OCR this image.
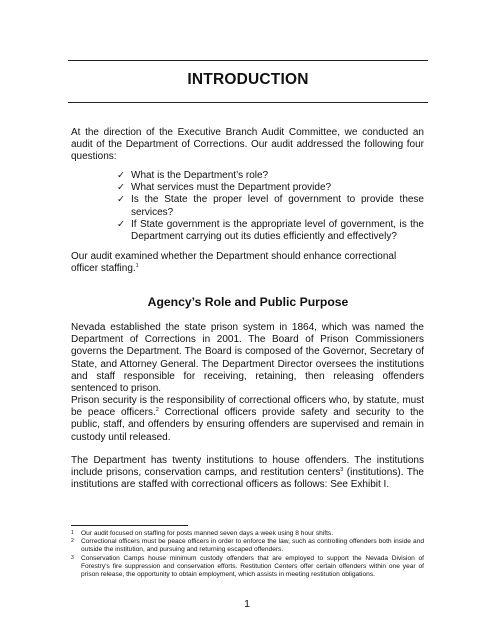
INTRODUCTION

At the direction of the Executive Branch Audit Committee, we conducted an audit of the Department of Corrections. Our audit addressed the following four questions:

✓ What is the Department’s role?
✓ What services must the Department provide?
✓ Is the State the proper level of government to provide these services?
✓ If State government is the appropriate level of government, is the Department carrying out its duties efficiently and effectively?

Our audit examined whether the Department should enhance correctional officer staffing.$^1$

Agency’s Role and Public Purpose

Nevada established the state prison system in 1864, which was named the Department of Corrections in 2001. The Board of Prison Commissioners governs the Department. The Board is composed of the Governor, Secretary of State, and Attorney General. The Department Director oversees the institutions and staff responsible for receiving, retaining, then releasing offenders sentenced to prison.

Prison security is the responsibility of correctional officers who, by statute, must be peace officers.$^2$ Correctional officers provide safety and security to the public, staff, and offenders by ensuring offenders are supervised and remain in custody until released.

The Department has twenty institutions to house offenders. The institutions include prisons, conservation camps, and restitution centers$^3$ (institutions). The institutions are staffed with correctional officers as follows: See Exhibit I.

1 Our audit focused on staffing for posts manned seven days a week using 8 hour shifts.
2 Correctional officers must be peace officers in order to enforce the law, such as controlling offenders both inside and outside the institution, and pursuing and returning escaped offenders.
3 Conservation Camps house minimum custody offenders that are employed to support the Nevada Division of Forestry’s fire suppression and conservation efforts. Restitution Centers offer certain offenders within one year of prison release, the opportunity to obtain employment, which assists in meeting restitution obligations.
1
